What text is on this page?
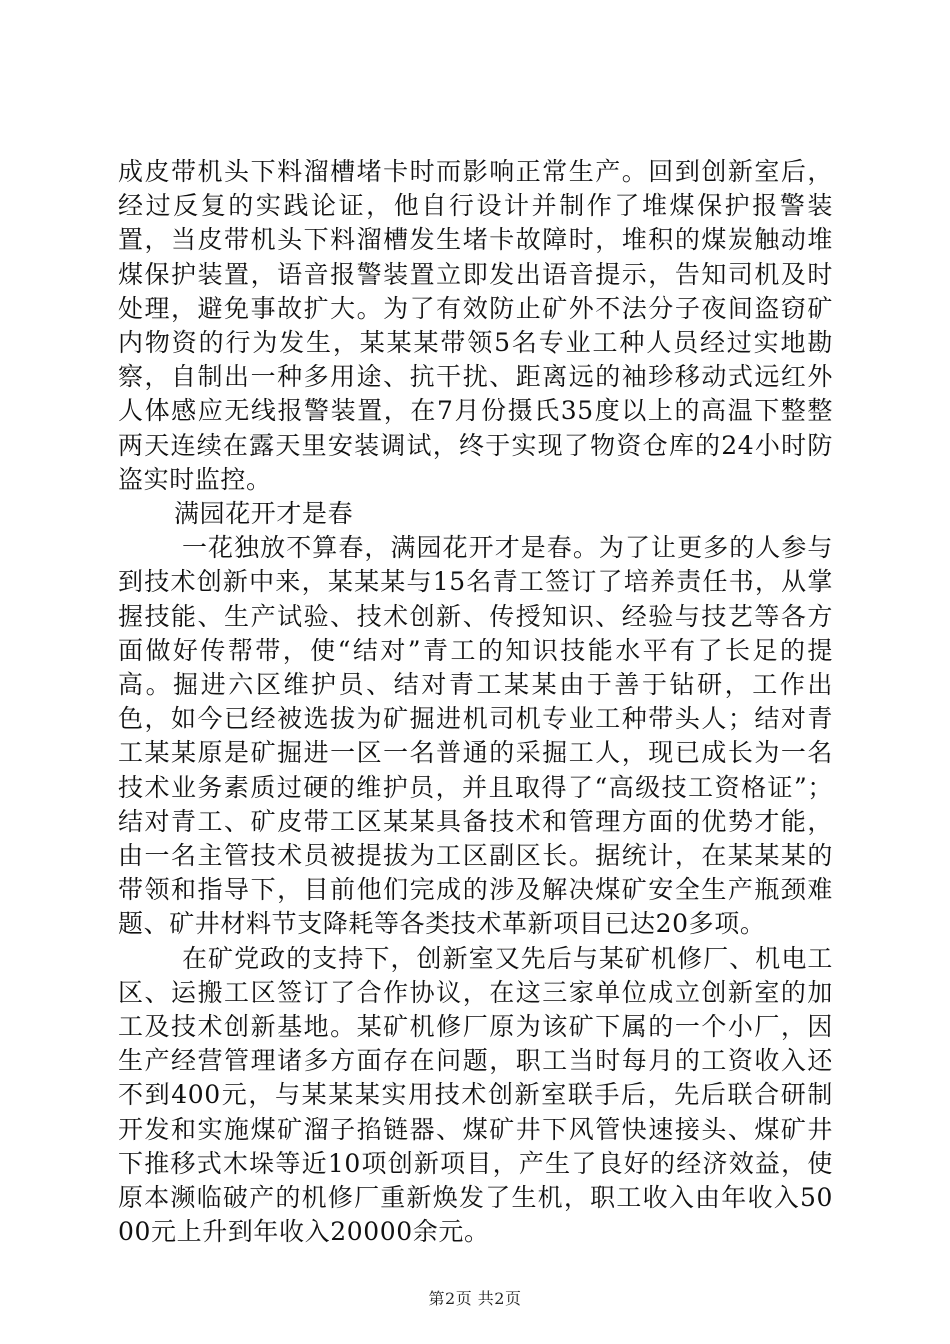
成皮带机头下料溜槽堵卡时而影响正常生产。回到创新室后，经过反复的实践论证，他自行设计并制作了堆煤保护报警装置，当皮带机头下料溜槽发生堵卡故障时，堆积的煤炭触动堆煤保护装置，语音报警装置立即发出语音提示，告知司机及时处理，避免事故扩大。为了有效防止矿外不法分子夜间盗窃矿内物资的行为发生，某某某带领5名专业工种人员经过实地勘察，自制出一种多用途、抗干扰、距离远的袖珍移动式远红外人体感应无线报警装置，在7月份摄氏35度以上的高温下整整两天连续在露天里安装调试，终于实现了物资仓库的24小时防盗实时监控。

满园花开才是春

一花独放不算春，满园花开才是春。为了让更多的人参与到技术创新中来，某某某与15名青工签订了培养责任书，从掌握技能、生产试验、技术创新、传授知识、经验与技艺等各方面做好传帮带，使“结对”青工的知识技能水平有了长足的提高。掘进六区维护员、结对青工某某由于善于钻研，工作出色，如今已经被选拔为矿掘进机司机专业工种带头人；结对青工某某原是矿掘进一区一名普通的采掘工人，现已成长为一名技术业务素质过硬的维护员，并且取得了“高级技工资格证”；结对青工、矿皮带工区某某具备技术和管理方面的优势才能，由一名主管技术员被提拔为工区副区长。据统计，在某某某的带领和指导下，目前他们完成的涉及解决煤矿安全生产瓶颈难题、矿井材料节支降耗等各类技术革新项目已达20多项。

在矿党政的支持下，创新室又先后与某矿机修厂、机电工区、运搬工区签订了合作协议，在这三家单位成立创新室的加工及技术创新基地。某矿机修厂原为该矿下属的一个小厂，因生产经营管理诸多方面存在问题，职工当时每月的工资收入还不到400元，与某某某实用技术创新室联手后，先后联合研制开发和实施煤矿溜子掐链器、煤矿井下风管快速接头、煤矿井下推移式木垛等近10项创新项目，产生了良好的经济效益，使原本濒临破产的机修厂重新焕发了生机，职工收入由年收入5000元上升到年收入20000余元。

第2页 共2页
